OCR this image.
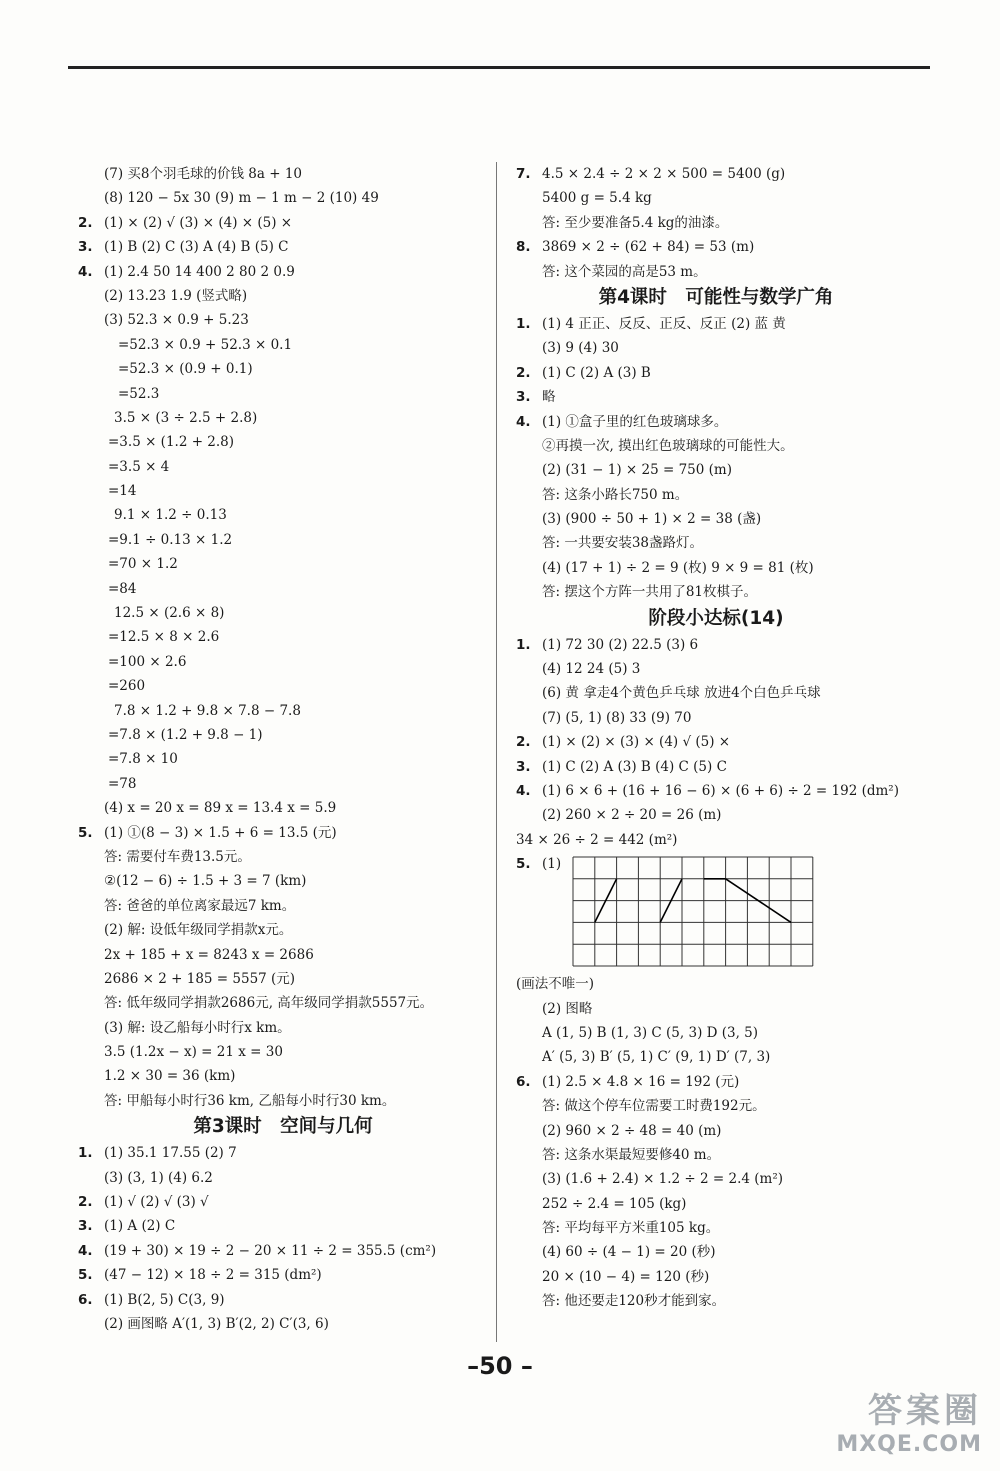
(7) 买8个羽毛球的价钱 8a + 10
(8) 120 − 5x 30 (9) m − 1 m − 2 (10) 49
2. (1) × (2) √ (3) × (4) × (5) ×
3. (1) B (2) C (3) A (4) B (5) C
4. (1) 2.4 50 14 400 2 80 2 0.9
(2) 13.23 1.9 (竖式略)
(3) 52.3 × 0.9 + 5.23
=52.3 × 0.9 + 52.3 × 0.1
=52.3 × (0.9 + 0.1)
=52.3
3.5 × (3 ÷ 2.5 + 2.8)
=3.5 × (1.2 + 2.8)
=3.5 × 4
=14
9.1 × 1.2 ÷ 0.13
=9.1 ÷ 0.13 × 1.2
=70 × 1.2
=84
12.5 × (2.6 × 8)
=12.5 × 8 × 2.6
=100 × 2.6
=260
7.8 × 1.2 + 9.8 × 7.8 − 7.8
=7.8 × (1.2 + 9.8 − 1)
=7.8 × 10
=78
(4) x = 20 x = 89 x = 13.4 x = 5.9
5. (1) ①(8 − 3) × 1.5 + 6 = 13.5 (元)
答: 需要付车费13.5元。
②(12 − 6) ÷ 1.5 + 3 = 7 (km)
答: 爸爸的单位离家最远7 km。
(2) 解: 设低年级同学捐款x元。
2x + 185 + x = 8243 x = 2686
2686 × 2 + 185 = 5557 (元)
答: 低年级同学捐款2686元, 高年级同学捐款5557元。
(3) 解: 设乙船每小时行x km。
3.5 (1.2x − x) = 21 x = 30
1.2 × 30 = 36 (km)
答: 甲船每小时行36 km, 乙船每小时行30 km。
第3课时　空间与几何
1. (1) 35.1 17.55 (2) 7
(3) (3, 1) (4) 6.2
2. (1) √ (2) √ (3) √
3. (1) A (2) C
4. (19 + 30) × 19 ÷ 2 − 20 × 11 ÷ 2 = 355.5 (cm²)
5. (47 − 12) × 18 ÷ 2 = 315 (dm²)
6. (1) B(2, 5) C(3, 9)
(2) 画图略 A′(1, 3) B′(2, 2) C′(3, 6)
7. 4.5 × 2.4 ÷ 2 × 2 × 500 = 5400 (g)
5400 g = 5.4 kg
答: 至少要准备5.4 kg的油漆。
8. 3869 × 2 ÷ (62 + 84) = 53 (m)
答: 这个菜园的高是53 m。
第4课时　可能性与数学广角
1. (1) 4 正正、反反、正反、反正 (2) 蓝 黄
(3) 9 (4) 30
2. (1) C (2) A (3) B
3. 略
4. (1) ①盒子里的红色玻璃球多。
②再摸一次, 摸出红色玻璃球的可能性大。
(2) (31 − 1) × 25 = 750 (m)
答: 这条小路长750 m。
(3) (900 ÷ 50 + 1) × 2 = 38 (盏)
答: 一共要安装38盏路灯。
(4) (17 + 1) ÷ 2 = 9 (枚) 9 × 9 = 81 (枚)
答: 摆这个方阵一共用了81枚棋子。
阶段小达标(14)
1. (1) 72 30 (2) 22.5 (3) 6
(4) 12 24 (5) 3
(6) 黄 拿走4个黄色乒乓球 放进4个白色乒乓球
(7) (5, 1) (8) 33 (9) 70
2. (1) × (2) × (3) × (4) √ (5) ×
3. (1) C (2) A (3) B (4) C (5) C
4. (1) 6 × 6 + (16 + 16 − 6) × (6 + 6) ÷ 2 = 192 (dm²)
(2) 260 × 2 ÷ 20 = 26 (m)
34 × 26 ÷ 2 = 442 (m²)
5. (1)
(画法不唯一)
(2) 图略
A (1, 5) B (1, 3) C (5, 3) D (3, 5)
A′ (5, 3) B′ (5, 1) C′ (9, 1) D′ (7, 3)
6. (1) 2.5 × 4.8 × 16 = 192 (元)
答: 做这个停车位需要工时费192元。
(2) 960 × 2 ÷ 48 = 40 (m)
答: 这条水渠最短要修40 m。
(3) (1.6 + 2.4) × 1.2 ÷ 2 = 2.4 (m²)
252 ÷ 2.4 = 105 (kg)
答: 平均每平方米重105 kg。
(4) 60 ÷ (4 − 1) = 20 (秒)
20 × (10 − 4) = 120 (秒)
答: 他还要走120秒才能到家。
–50 –
答案圈
MXQE.COM
